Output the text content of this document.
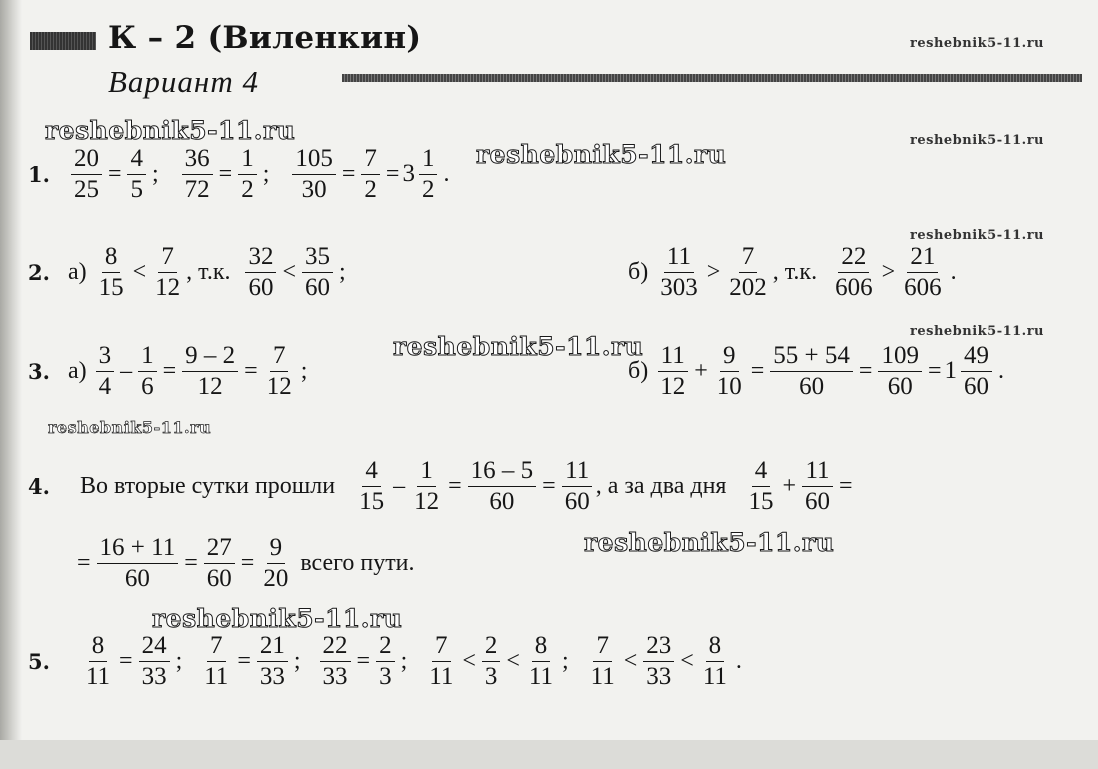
К – 2 (Виленкин)
Вариант 4
reshebnik5-11.ru
reshebnik5-11.ru
reshebnik5-11.ru
reshebnik5-11.ru
reshebnik5-11.ru
reshebnik5-11.ru
reshebnik5-11.ru
reshebnik5-11.ru
reshebnik5-11.ru
reshebnik5-11.ru
1. $\frac{20}{25} = \frac{4}{5}$ ; $\frac{36}{72} = \frac{1}{2}$ ; $\frac{105}{30} = \frac{7}{2} = 3 \frac{1}{2}$ .
2. $а) \frac{8}{15} < \frac{7}{12}$ , т.к. $\frac{32}{60} < \frac{35}{60}$ ;	$б) \frac{11}{303} > \frac{7}{202}$ , т.к. $\frac{22}{606} > \frac{21}{606}$ .
3. $а) \frac{3}{4} - \frac{1}{6} = \frac{9 - 2}{12} = \frac{7}{12}$ ;	$б) \frac{11}{12} + \frac{9}{10} = \frac{55 + 54}{60} = \frac{109}{60} = 1 \frac{49}{60}$ .
4. Во вторые сутки прошли $\frac{4}{15} - \frac{1}{12} = \frac{16 - 5}{60} = \frac{11}{60}$ , а за два дня $\frac{4}{15} + \frac{11}{60}$ =
= $\frac{16 + 11}{60} = \frac{27}{60} = \frac{9}{20}$ всего пути.
5. $\frac{8}{11} = \frac{24}{33}$ ; $\frac{7}{11} = \frac{21}{33}$ ; $\frac{22}{33} = \frac{2}{3}$ ; $\frac{7}{11} < \frac{2}{3} < \frac{8}{11}$ ; $\frac{7}{11} < \frac{23}{33} < \frac{8}{11}$ .
